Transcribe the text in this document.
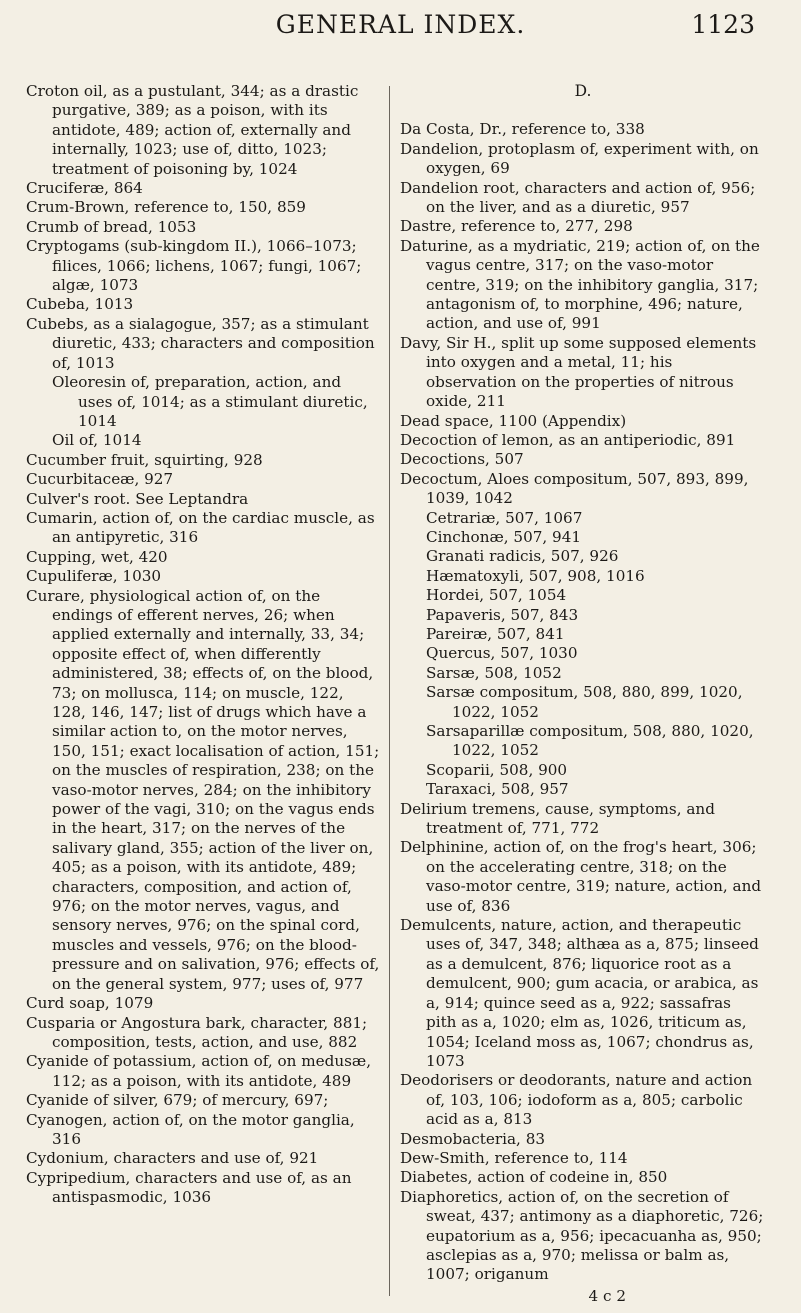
GENERAL INDEX.	1123
Croton oil, as a pustulant, 344; as a drastic purgative, 389; as a poison, with its antidote, 489; action of, externally and internally, 1023; use of, ditto, 1023; treatment of poisoning by, 1024
Cruciferæ, 864
Crum-Brown, reference to, 150, 859
Crumb of bread, 1053
Cryptogams (sub-kingdom II.), 1066–1073; filices, 1066; lichens, 1067; fungi, 1067; algæ, 1073
Cubeba, 1013
Cubebs, as a sialagogue, 357; as a stimulant diuretic, 433; characters and composition of, 1013
Oleoresin of, preparation, action, and uses of, 1014; as a stimulant diuretic, 1014
Oil of, 1014
Cucumber fruit, squirting, 928
Cucurbitaceæ, 927
Culver's root. See Leptandra
Cumarin, action of, on the cardiac muscle, as an antipyretic, 316
Cupping, wet, 420
Cupuliferæ, 1030
Curare, physiological action of, on the endings of efferent nerves, 26; when applied externally and internally, 33, 34; opposite effect of, when differently administered, 38; effects of, on the blood, 73; on mollusca, 114; on muscle, 122, 128, 146, 147; list of drugs which have a similar action to, on the motor nerves, 150, 151; exact localisation of action, 151; on the muscles of respiration, 238; on the vaso-motor nerves, 284; on the inhibitory power of the vagi, 310; on the vagus ends in the heart, 317; on the nerves of the salivary gland, 355; action of the liver on, 405; as a poison, with its antidote, 489; characters, composition, and action of, 976; on the motor nerves, vagus, and sensory nerves, 976; on the spinal cord, muscles and vessels, 976; on the blood-pressure and on salivation, 976; effects of, on the general system, 977; uses of, 977
Curd soap, 1079
Cusparia or Angostura bark, character, 881; composition, tests, action, and use, 882
Cyanide of potassium, action of, on medusæ, 112; as a poison, with its antidote, 489
Cyanide of silver, 679; of mercury, 697;
Cyanogen, action of, on the motor ganglia, 316
Cydonium, characters and use of, 921
Cypripedium, characters and use of, as an antispasmodic, 1036
D.
Da Costa, Dr., reference to, 338
Dandelion, protoplasm of, experiment with, on oxygen, 69
Dandelion root, characters and action of, 956; on the liver, and as a diuretic, 957
Dastre, reference to, 277, 298
Daturine, as a mydriatic, 219; action of, on the vagus centre, 317; on the vaso-motor centre, 319; on the inhibitory ganglia, 317; antagonism of, to morphine, 496; nature, action, and use of, 991
Davy, Sir H., split up some supposed elements into oxygen and a metal, 11; his observation on the properties of nitrous oxide, 211
Dead space, 1100 (Appendix)
Decoction of lemon, as an antiperiodic, 891
Decoctions, 507
Decoctum, Aloes compositum, 507, 893, 899, 1039, 1042
Cetrariæ, 507, 1067
Cinchonæ, 507, 941
Granati radicis, 507, 926
Hæmatoxyli, 507, 908, 1016
Hordei, 507, 1054
Papaveris, 507, 843
Pareiræ, 507, 841
Quercus, 507, 1030
Sarsæ, 508, 1052
Sarsæ compositum, 508, 880, 899, 1020, 1022, 1052
Sarsaparillæ compositum, 508, 880, 1020, 1022, 1052
Scoparii, 508, 900
Taraxaci, 508, 957
Delirium tremens, cause, symptoms, and treatment of, 771, 772
Delphinine, action of, on the frog's heart, 306; on the accelerating centre, 318; on the vaso-motor centre, 319; nature, action, and use of, 836
Demulcents, nature, action, and therapeutic uses of, 347, 348; althæa as a, 875; linseed as a demulcent, 876; liquorice root as a demulcent, 900; gum acacia, or arabica, as a, 914; quince seed as a, 922; sassafras pith as a, 1020; elm as, 1026, triticum as, 1054; Iceland moss as, 1067; chondrus as, 1073
Deodorisers or deodorants, nature and action of, 103, 106; iodoform as a, 805; carbolic acid as a, 813
Desmobacteria, 83
Dew-Smith, reference to, 114
Diabetes, action of codeine in, 850
Diaphoretics, action of, on the secretion of sweat, 437; antimony as a diaphoretic, 726; eupatorium as a, 956; ipecacuanha as, 950; asclepias as a, 970; melissa or balm as, 1007; origanum
4 c 2
